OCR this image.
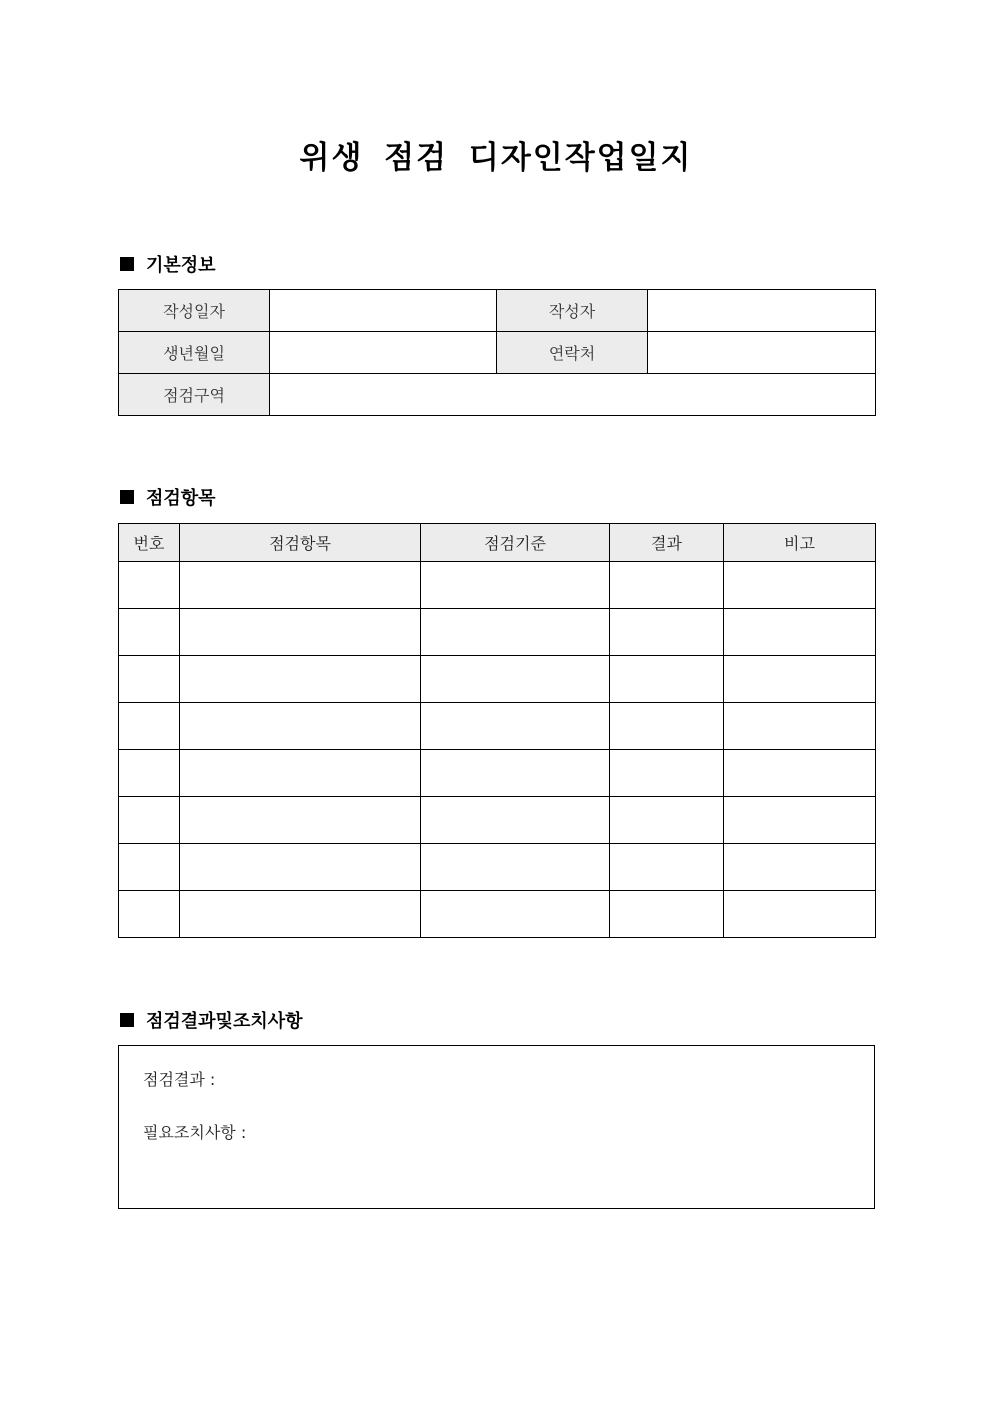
위생 점검 디자인작업일지
기본정보
작성일자		작성자	
생년월일		연락처	
점검구역			
점검항목
번호	점검항목	점검기준	결과	비고

점검결과및조치사항
점검결과 :
필요조치사항 :
